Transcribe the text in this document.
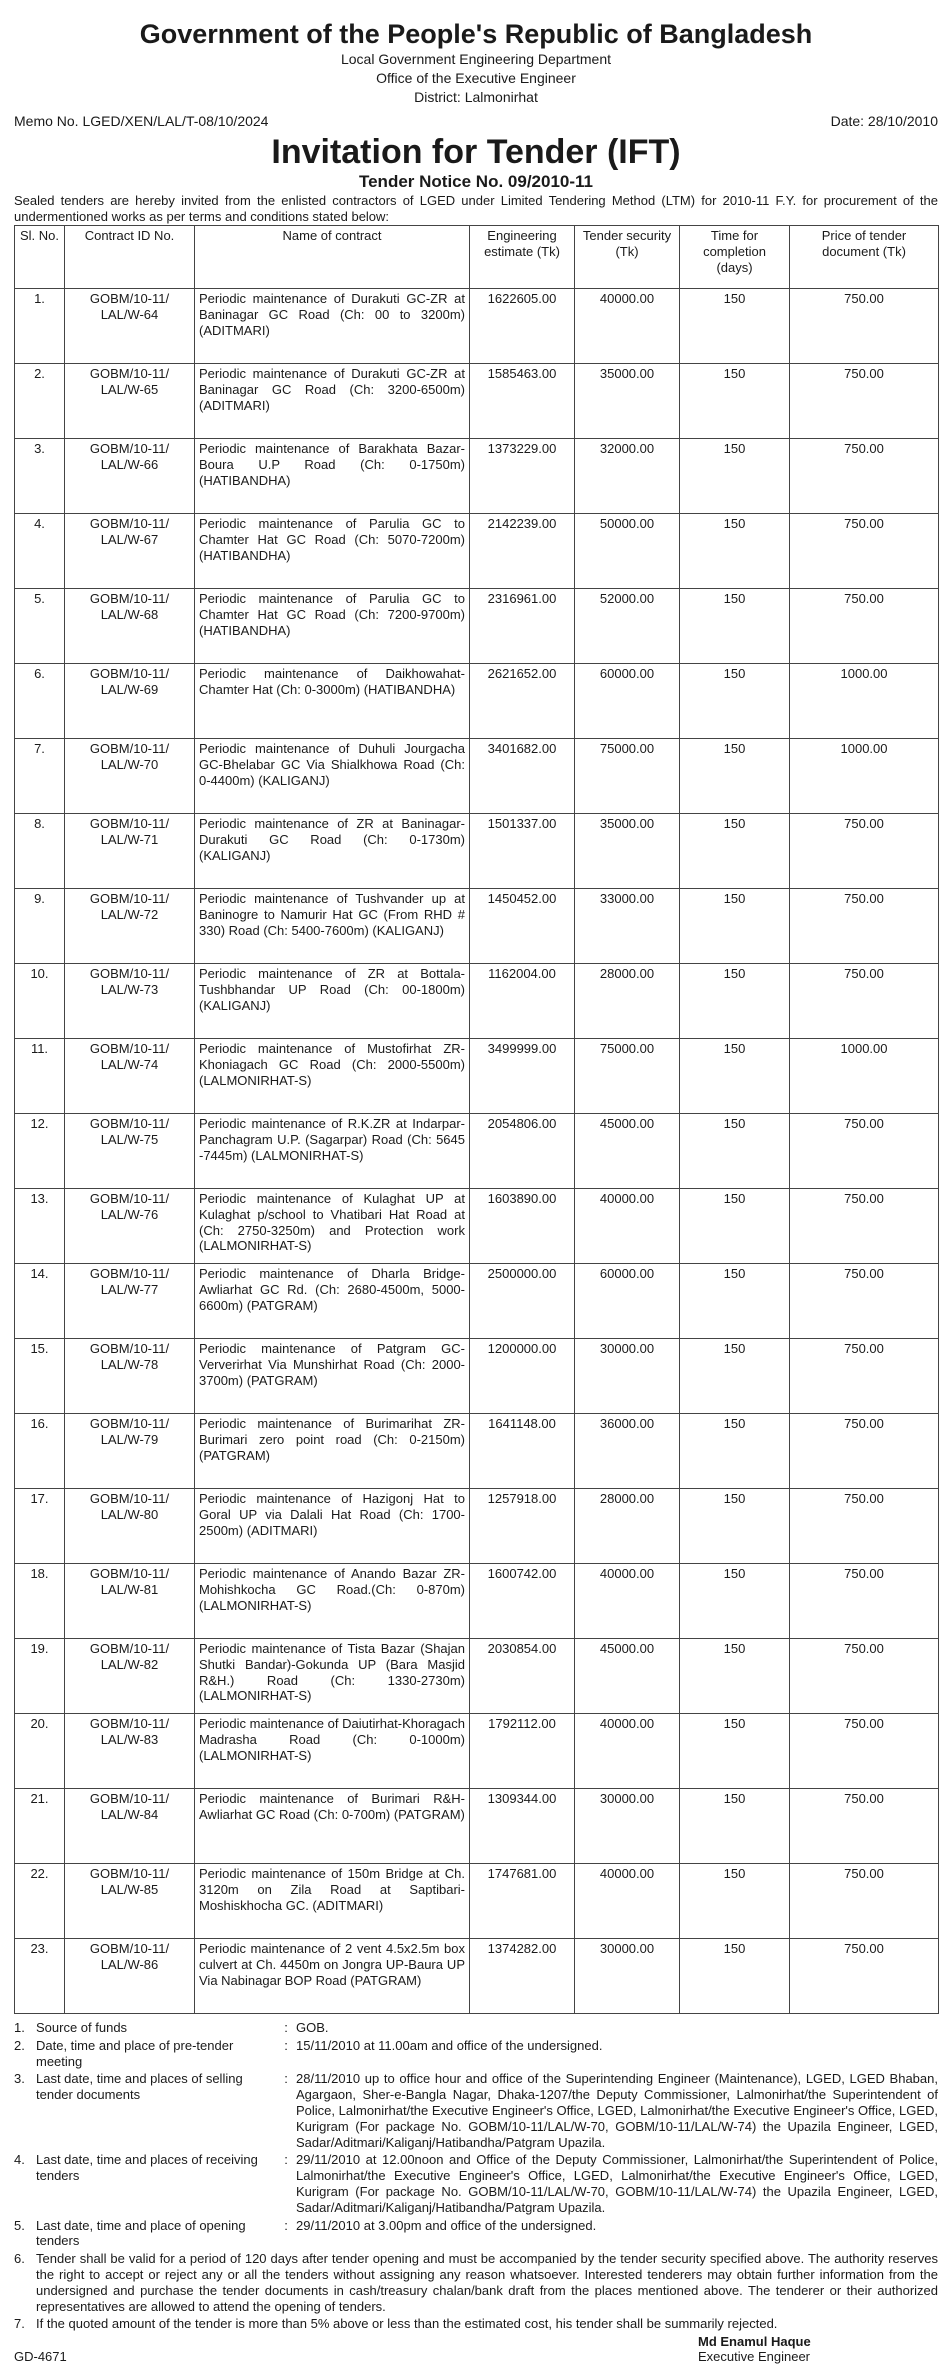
Government of the People's Republic of Bangladesh
Local Government Engineering Department
Office of the Executive Engineer
District: Lalmonirhat
Memo No. LGED/XEN/LAL/T-08/10/2024	Date: 28/10/2010
Invitation for Tender (IFT)
Tender Notice No. 09/2010-11
Sealed tenders are hereby invited from the enlisted contractors of LGED under Limited Tendering Method (LTM) for 2010-11 F.Y. for procurement of the undermentioned works as per terms and conditions stated below:
Sl. No.	Contract ID No.	Name of contract	Engineering estimate (Tk)	Tender security (Tk)	Time for completion (days)	Price of tender document (Tk)
1.	GOBM/10-11/ LAL/W-64	Periodic maintenance of Durakuti GC-ZR at Baninagar GC Road (Ch: 00 to 3200m) (ADITMARI)	1622605.00	40000.00	150	750.00
2.	GOBM/10-11/ LAL/W-65	Periodic maintenance of Durakuti GC-ZR at Baninagar GC Road (Ch: 3200-6500m) (ADITMARI)	1585463.00	35000.00	150	750.00
3.	GOBM/10-11/ LAL/W-66	Periodic maintenance of Barakhata Bazar-Boura U.P Road (Ch: 0-1750m) (HATIBANDHA)	1373229.00	32000.00	150	750.00
4.	GOBM/10-11/ LAL/W-67	Periodic maintenance of Parulia GC to Chamter Hat GC Road (Ch: 5070-7200m) (HATIBANDHA)	2142239.00	50000.00	150	750.00
5.	GOBM/10-11/ LAL/W-68	Periodic maintenance of Parulia GC to Chamter Hat GC Road (Ch: 7200-9700m) (HATIBANDHA)	2316961.00	52000.00	150	750.00
6.	GOBM/10-11/ LAL/W-69	Periodic maintenance of Daikhowahat-Chamter Hat (Ch: 0-3000m) (HATIBANDHA)	2621652.00	60000.00	150	1000.00
7.	GOBM/10-11/ LAL/W-70	Periodic maintenance of Duhuli Jourgacha GC-Bhelabar GC Via Shialkhowa Road (Ch: 0-4400m) (KALIGANJ)	3401682.00	75000.00	150	1000.00
8.	GOBM/10-11/ LAL/W-71	Periodic maintenance of ZR at Baninagar-Durakuti GC Road (Ch: 0-1730m) (KALIGANJ)	1501337.00	35000.00	150	750.00
9.	GOBM/10-11/ LAL/W-72	Periodic maintenance of Tushvander up at Baninogre to Namurir Hat GC (From RHD # 330) Road (Ch: 5400-7600m) (KALIGANJ)	1450452.00	33000.00	150	750.00
10.	GOBM/10-11/ LAL/W-73	Periodic maintenance of ZR at Bottala-Tushbhandar UP Road (Ch: 00-1800m) (KALIGANJ)	1162004.00	28000.00	150	750.00
11.	GOBM/10-11/ LAL/W-74	Periodic maintenance of Mustofirhat ZR-Khoniagach GC Road (Ch: 2000-5500m) (LALMONIRHAT-S)	3499999.00	75000.00	150	1000.00
12.	GOBM/10-11/ LAL/W-75	Periodic maintenance of R.K.ZR at Indarpar-Panchagram U.P. (Sagarpar) Road (Ch: 5645 -7445m) (LALMONIRHAT-S)	2054806.00	45000.00	150	750.00
13.	GOBM/10-11/ LAL/W-76	Periodic maintenance of Kulaghat UP at Kulaghat p/school to Vhatibari Hat Road at (Ch: 2750-3250m) and Protection work (LALMONIRHAT-S)	1603890.00	40000.00	150	750.00
14.	GOBM/10-11/ LAL/W-77	Periodic maintenance of Dharla Bridge-Awliarhat GC Rd. (Ch: 2680-4500m, 5000-6600m) (PATGRAM)	2500000.00	60000.00	150	750.00
15.	GOBM/10-11/ LAL/W-78	Periodic maintenance of Patgram GC-Ververirhat Via Munshirhat Road (Ch: 2000-3700m) (PATGRAM)	1200000.00	30000.00	150	750.00
16.	GOBM/10-11/ LAL/W-79	Periodic maintenance of Burimarihat ZR-Burimari zero point road (Ch: 0-2150m) (PATGRAM)	1641148.00	36000.00	150	750.00
17.	GOBM/10-11/ LAL/W-80	Periodic maintenance of Hazigonj Hat to Goral UP via Dalali Hat Road (Ch: 1700-2500m) (ADITMARI)	1257918.00	28000.00	150	750.00
18.	GOBM/10-11/ LAL/W-81	Periodic maintenance of Anando Bazar ZR-Mohishkocha GC Road.(Ch: 0-870m) (LALMONIRHAT-S)	1600742.00	40000.00	150	750.00
19.	GOBM/10-11/ LAL/W-82	Periodic maintenance of Tista Bazar (Shajan Shutki Bandar)-Gokunda UP (Bara Masjid R&H.) Road (Ch: 1330-2730m) (LALMONIRHAT-S)	2030854.00	45000.00	150	750.00
20.	GOBM/10-11/ LAL/W-83	Periodic maintenance of Daiutirhat-Khoragach Madrasha Road (Ch: 0-1000m) (LALMONIRHAT-S)	1792112.00	40000.00	150	750.00
21.	GOBM/10-11/ LAL/W-84	Periodic maintenance of Burimari R&H-Awliarhat GC Road (Ch: 0-700m) (PATGRAM)	1309344.00	30000.00	150	750.00
22.	GOBM/10-11/ LAL/W-85	Periodic maintenance of 150m Bridge at Ch. 3120m on Zila Road at Saptibari-Moshiskhocha GC. (ADITMARI)	1747681.00	40000.00	150	750.00
23.	GOBM/10-11/ LAL/W-86	Periodic maintenance of 2 vent 4.5x2.5m box culvert at Ch. 4450m on Jongra UP-Baura UP Via Nabinagar BOP Road (PATGRAM)	1374282.00	30000.00	150	750.00
1. Source of funds	: GOB.
2. Date, time and place of pre-tender meeting
: 15/11/2010 at 11.00am and office of the undersigned.
3. Last date, time and places of selling tender documents
: 28/11/2010 up to office hour and office of the Superintending Engineer (Maintenance), LGED, LGED Bhaban, Agargaon, Sher-e-Bangla Nagar, Dhaka-1207/the Deputy Commissioner, Lalmonirhat/the Superintendent of Police, Lalmonirhat/the Executive Engineer's Office, LGED, Lalmonirhat/the Executive Engineer's Office, LGED, Kurigram (For package No. GOBM/10-11/LAL/W-70, GOBM/10-11/LAL/W-74) the Upazila Engineer, LGED, Sadar/Aditmari/Kaliganj/Hatibandha/Patgram Upazila.
4. Last date, time and places of receiving tenders
: 29/11/2010 at 12.00noon and Office of the Deputy Commissioner, Lalmonirhat/the Superintendent of Police, Lalmonirhat/the Executive Engineer's Office, LGED, Lalmonirhat/the Executive Engineer's Office, LGED, Kurigram (For package No. GOBM/10-11/LAL/W-70, GOBM/10-11/LAL/W-74) the Upazila Engineer, LGED, Sadar/Aditmari/Kaliganj/Hatibandha/Patgram Upazila.
5. Last date, time and place of opening tenders
: 29/11/2010 at 3.00pm and office of the undersigned.
6. Tender shall be valid for a period of 120 days after tender opening and must be accompanied by the tender security specified above. The authority reserves the right to accept or reject any or all the tenders without assigning any reason whatsoever. Interested tenderers may obtain further information from the undersigned and purchase the tender documents in cash/treasury chalan/bank draft from the places mentioned above. The tenderer or their authorized representatives are allowed to attend the opening of tenders.
7. If the quoted amount of the tender is more than 5% above or less than the estimated cost, his tender shall be summarily rejected.
GD-4671
Md Enamul Haque
Executive Engineer
